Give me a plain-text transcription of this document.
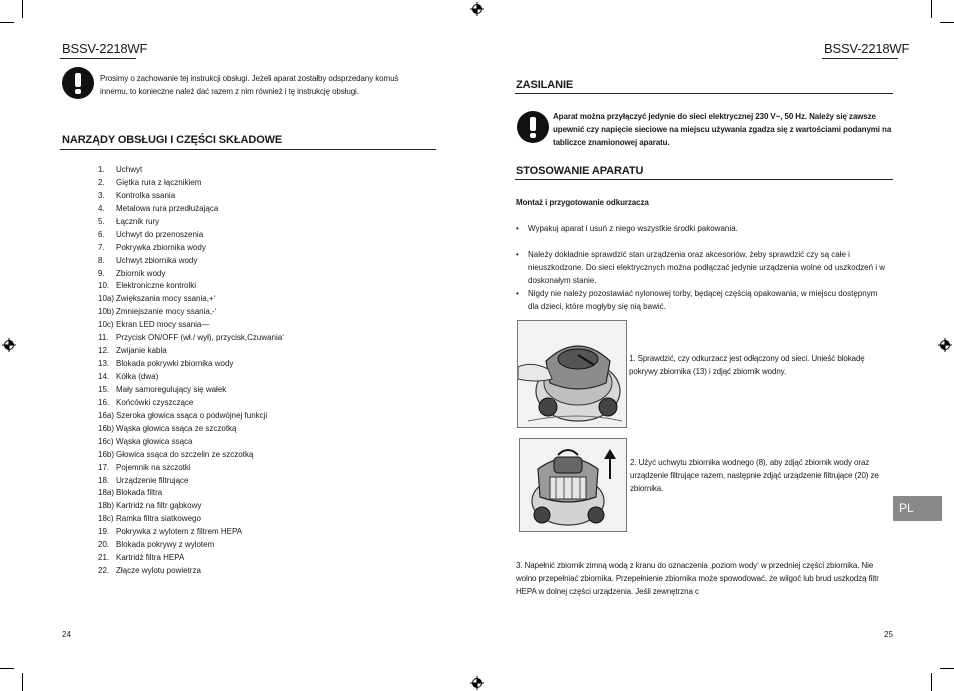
BSSV-2218WF
Prosimy o zachowanie tej instrukcji obsługi. Jeżeli aparat zostałby odsprzedany komuś innemu, to konieczne należ dać razem z nim również i tę instrukcję obsługi.
NARZĄDY OBSŁUGI I CZĘŚCI SKŁADOWE
1. Uchwyt
2. Giętka rura z łącznikiem
3. Kontrolka ssania
4. Metalowa rura przedłużająca
5. Łącznik rury
6. Uchwyt do przenoszenia
7. Pokrywka zbiornika wody
8. Uchwyt zbiornika wody
9. Zbiornik wody
10. Elektroniczne kontrolki
10a) Zwiększania mocy ssania,+‘
10b) Zmniejszanie mocy ssania,-‘
10c) Ekran LED mocy ssania—
11. Przycisk ON/OFF (wł./ wył), przycisk,Czuwania‘
12. Zwijanie kabla
13. Blokada pokrywki zbiornika wody
14. Kółka (dwa)
15. Mały samoregulujący się wałek
16. Końcówki czyszczące
16a) Szeroka głowica ssąca o podwójnej funkcji
16b) Wąska głowica ssąca ze szczotką
16c) Wąska głowica ssąca
16b) Głowica ssąca do szczelin ze szczotką
17. Pojemnik na szczotki
18. Urządzenie filtrujące
18a) Blokada filtra
18b) Kartridż na filtr gąbkowy
18c) Ramka filtra siatkowego
19. Pokrywka z wylotem z filtrem HEPA
20. Blokada pokrywy z wylotem
21. Kartridż filtra HEPA
22. Złącze wylotu powietrza
24
BSSV-2218WF
ZASILANIE
Aparat można przyłączyć jedynie do sieci elektrycznej 230 V~, 50 Hz. Należy się zawsze upewnić czy napięcie sieciowe na miejscu używania zgadza się z wartościami podanymi na tabliczce znamionowej aparatu.
STOSOWANIE APARATU
Montaż i przygotowanie odkurzacza
• Wypakuj aparat i usuń z niego wszystkie środki pakowania.
• Należy dokładnie sprawdzić stan urządzenia oraz akcesoriów, żeby sprawdzić czy są całe i nieuszkodzone. Do sieci elektrycznych można podłączać jedynie urządzenia wolne od uszkodzeń i w doskonałym stanie.
• Nigdy nie należy pozostawiać nylonowej torby, będącej częścią opakowania, w miejscu dostępnym dla dzieci, które mogłyby się nią bawić.
1. Sprawdzić, czy odkurzacz jest odłączony od sieci. Unieść blokadę pokrywy zbiornika (13) i zdjąć zbiornik wodny.
2. Użyć uchwytu zbiornika wodnego (8), aby zdjąć zbiornik wody oraz urządzenie filtrujące razem, następnie zdjąć urządzenie filtrujące (20) ze zbiornika.
3. Napełnić zbiornik zimną wodą z kranu do oznaczenia ‚poziom wody‘ w przedniej części zbiornika. Nie wolno przepełniać zbiornika. Przepełnienie zbiornika może spowodować, że wilgoć lub brud uszkodzą filtr HEPA w dolnej części urządzenia. Jeśli zewnętrzna c
PL
25
